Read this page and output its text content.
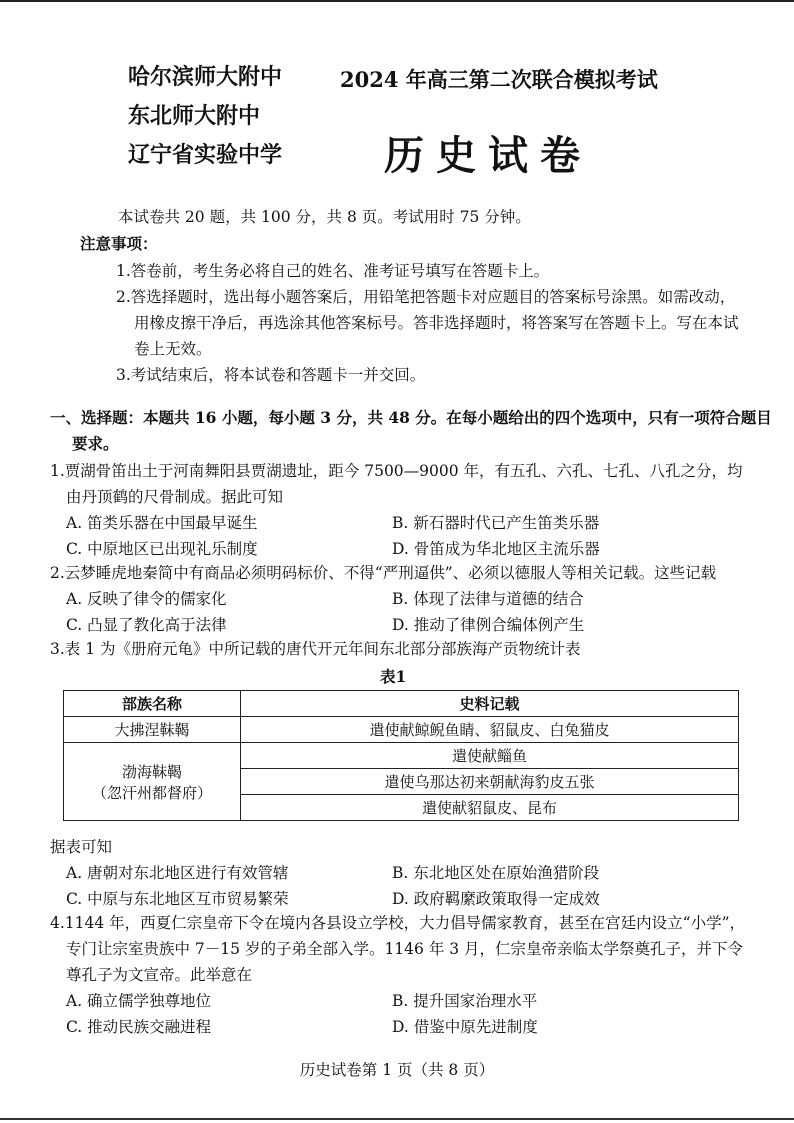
哈尔滨师大附中
东北师大附中
辽宁省实验中学
2024 年高三第二次联合模拟考试
历史试卷
本试卷共 20 题，共 100 分，共 8 页。考试用时 75 分钟。
注意事项：
1.答卷前，考生务必将自己的姓名、准考证号填写在答题卡上。
2.答选择题时，选出每小题答案后，用铅笔把答题卡对应题目的答案标号涂黑。如需改动，用橡皮擦干净后，再选涂其他答案标号。答非选择题时，将答案写在答题卡上。写在本试卷上无效。
3.考试结束后，将本试卷和答题卡一并交回。
一、选择题：本题共 16 小题，每小题 3 分，共 48 分。在每小题给出的四个选项中，只有一项符合题目要求。
1.贾湖骨笛出土于河南舞阳县贾湖遗址，距今 7500—9000 年，有五孔、六孔、七孔、八孔之分，均由丹顶鹤的尺骨制成。据此可知
A. 笛类乐器在中国最早诞生	B. 新石器时代已产生笛类乐器
C. 中原地区已出现礼乐制度	D. 骨笛成为华北地区主流乐器
2.云梦睡虎地秦简中有商品必须明码标价、不得“严刑逼供”、必须以德服人等相关记载。这些记载
A. 反映了律令的儒家化	B. 体现了法律与道德的结合
C. 凸显了教化高于法律	D. 推动了律例合编体例产生
3.表 1 为《册府元龟》中所记载的唐代开元年间东北部分部族海产贡物统计表
表1
部族名称	史料记载
大拂涅靺鞨	遣使献鲸鲵鱼睛、貂鼠皮、白兔猫皮

渤海靺鞨
（忽汗州都督府）	遣使献鲻鱼
	遣使乌那达初来朝献海豹皮五张
	遣使献貂鼠皮、昆布
据表可知
A. 唐朝对东北地区进行有效管辖	B. 东北地区处在原始渔猎阶段
C. 中原与东北地区互市贸易繁荣	D. 政府羁縻政策取得一定成效
4.1144 年，西夏仁宗皇帝下令在境内各县设立学校，大力倡导儒家教育，甚至在宫廷内设立“小学”，专门让宗室贵族中 7－15 岁的子弟全部入学。1146 年 3 月，仁宗皇帝亲临太学祭奠孔子，并下令尊孔子为文宣帝。此举意在
A. 确立儒学独尊地位	B. 提升国家治理水平
C. 推动民族交融进程	D. 借鉴中原先进制度
历史试卷第 1 页（共 8 页）
